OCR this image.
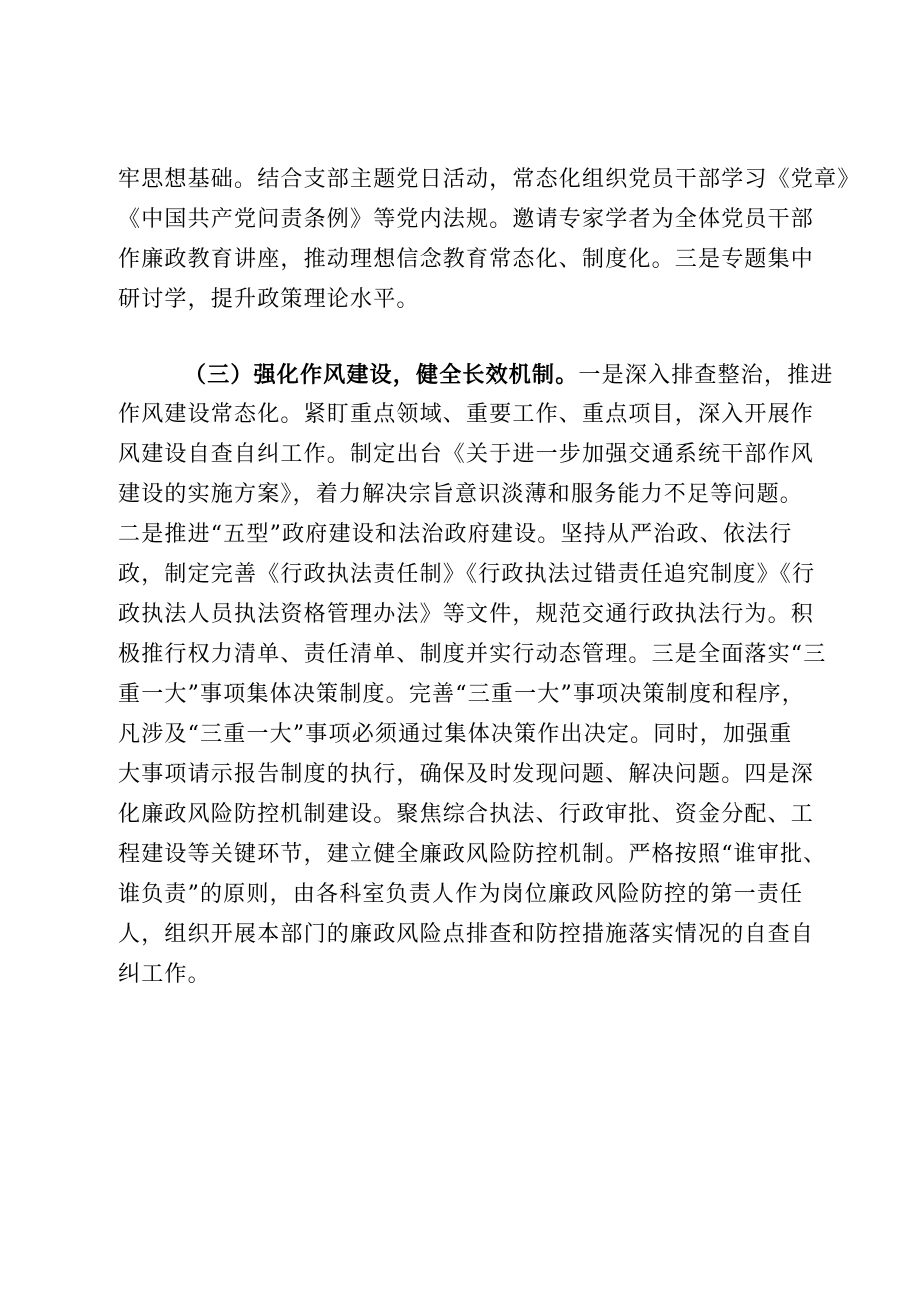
牢思想基础。结合支部主题党日活动，常态化组织党员干部学习《党章》
《中国共产党问责条例》等党内法规。邀请专家学者为全体党员干部
作廉政教育讲座，推动理想信念教育常态化、制度化。三是专题集中
研讨学，提升政策理论水平。
（三）强化作风建设，健全长效机制。一是深入排查整治，推进
作风建设常态化。紧盯重点领域、重要工作、重点项目，深入开展作
风建设自查自纠工作。制定出台《关于进一步加强交通系统干部作风
建设的实施方案》，着力解决宗旨意识淡薄和服务能力不足等问题。
二是推进“五型”政府建设和法治政府建设。坚持从严治政、依法行
政，制定完善《行政执法责任制》《行政执法过错责任追究制度》《行
政执法人员执法资格管理办法》等文件，规范交通行政执法行为。积
极推行权力清单、责任清单、制度并实行动态管理。三是全面落实“三
重一大”事项集体决策制度。完善“三重一大”事项决策制度和程序，
凡涉及“三重一大”事项必须通过集体决策作出决定。同时，加强重
大事项请示报告制度的执行，确保及时发现问题、解决问题。四是深
化廉政风险防控机制建设。聚焦综合执法、行政审批、资金分配、工
程建设等关键环节，建立健全廉政风险防控机制。严格按照“谁审批、
谁负责”的原则，由各科室负责人作为岗位廉政风险防控的第一责任
人，组织开展本部门的廉政风险点排查和防控措施落实情况的自查自
纠工作。
